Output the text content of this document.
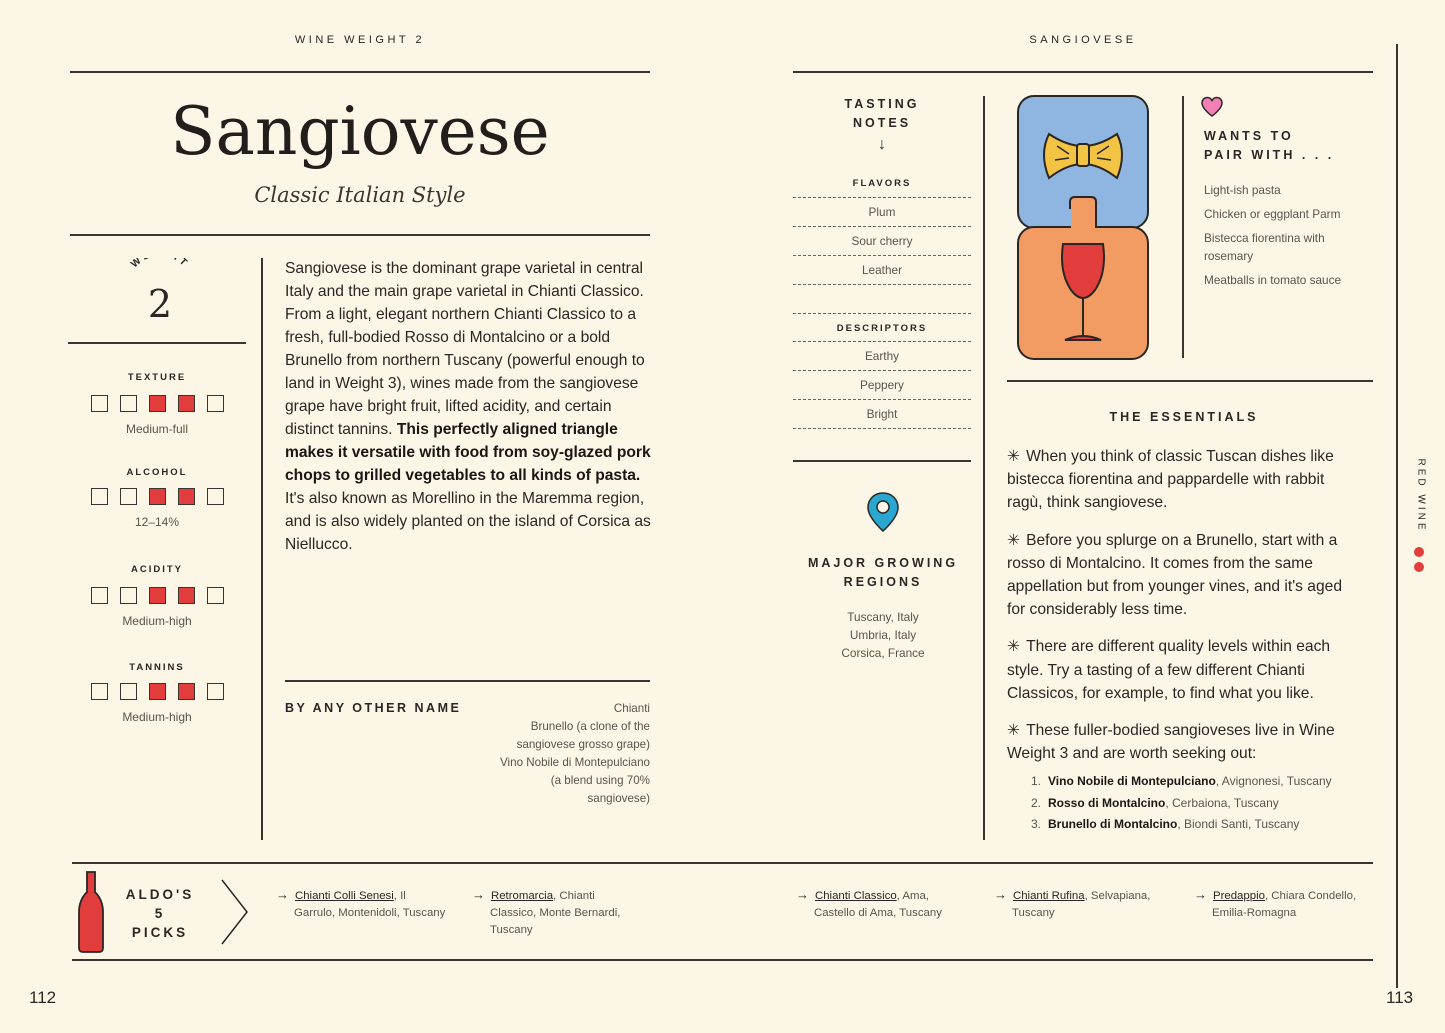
WINE WEIGHT 2	SANGIOVESE
Sangiovese
Classic Italian Style
W T
2
TEXTURE
Medium-full
ALCOHOL
12–14%
ACIDITY
Medium-high
TANNINS
Medium-high
Sangiovese is the dominant grape varietal in central Italy and the main grape varietal in Chianti Classico. From a light, elegant northern Chianti Classico to a fresh, full-bodied Rosso di Montalcino or a bold Brunello from northern Tuscany (powerful enough to land in Weight 3), wines made from the sangiovese grape have bright fruit, lifted acidity, and certain distinct tannins. This perfectly aligned triangle makes it versatile with food from soy-glazed pork chops to grilled vegetables to all kinds of pasta. It's also known as Morellino in the Maremma region, and is also widely planted on the island of Corsica as Niellucco.
BY ANY OTHER NAME	Chianti
Brunello (a clone of the
sangiovese grosso grape)
Vino Nobile di Montepulciano
(a blend using 70%
sangiovese)
TASTING
NOTES
↓
FLAVORS
Plum
Sour cherry
Leather
DESCRIPTORS
Earthy
Peppery
Bright
MAJOR GROWING
REGIONS
Tuscany, Italy
Umbria, Italy
Corsica, France
WANTS TO
PAIR WITH . . .
Light-ish pasta
Chicken or eggplant Parm
Bistecca fiorentina with
rosemary
Meatballs in tomato sauce
THE ESSENTIALS

✳ When you think of classic Tuscan dishes like bistecca fiorentina and pappardelle with rabbit ragù, think sangiovese.

✳ Before you splurge on a Brunello, start with a rosso di Montalcino. It comes from the same appellation but from younger vines, and it's aged for considerably less time.

✳ There are different quality levels within each style. Try a tasting of a few different Chianti Classicos, for example, to find what you like.

✳ These fuller-bodied sangioveses live in Wine Weight 3 and are worth seeking out:

1. Vino Nobile di Montepulciano, Avignonesi, Tuscany
2. Rosso di Montalcino, Cerbaiona, Tuscany
3. Brunello di Montalcino, Biondi Santi, Tuscany
RED WINE
ALDO'S
5
PICKS
→ Chianti Colli Senesi, Il
Garrulo, Montenidoli, Tuscany
→ Retromarcia, Chianti
Classico, Monte Bernardi,
Tuscany
→ Chianti Classico, Ama,
Castello di Ama, Tuscany
→ Chianti Rufina, Selvapiana,
Tuscany
→ Predappio, Chiara Condello,
Emilia-Romagna
112	113
